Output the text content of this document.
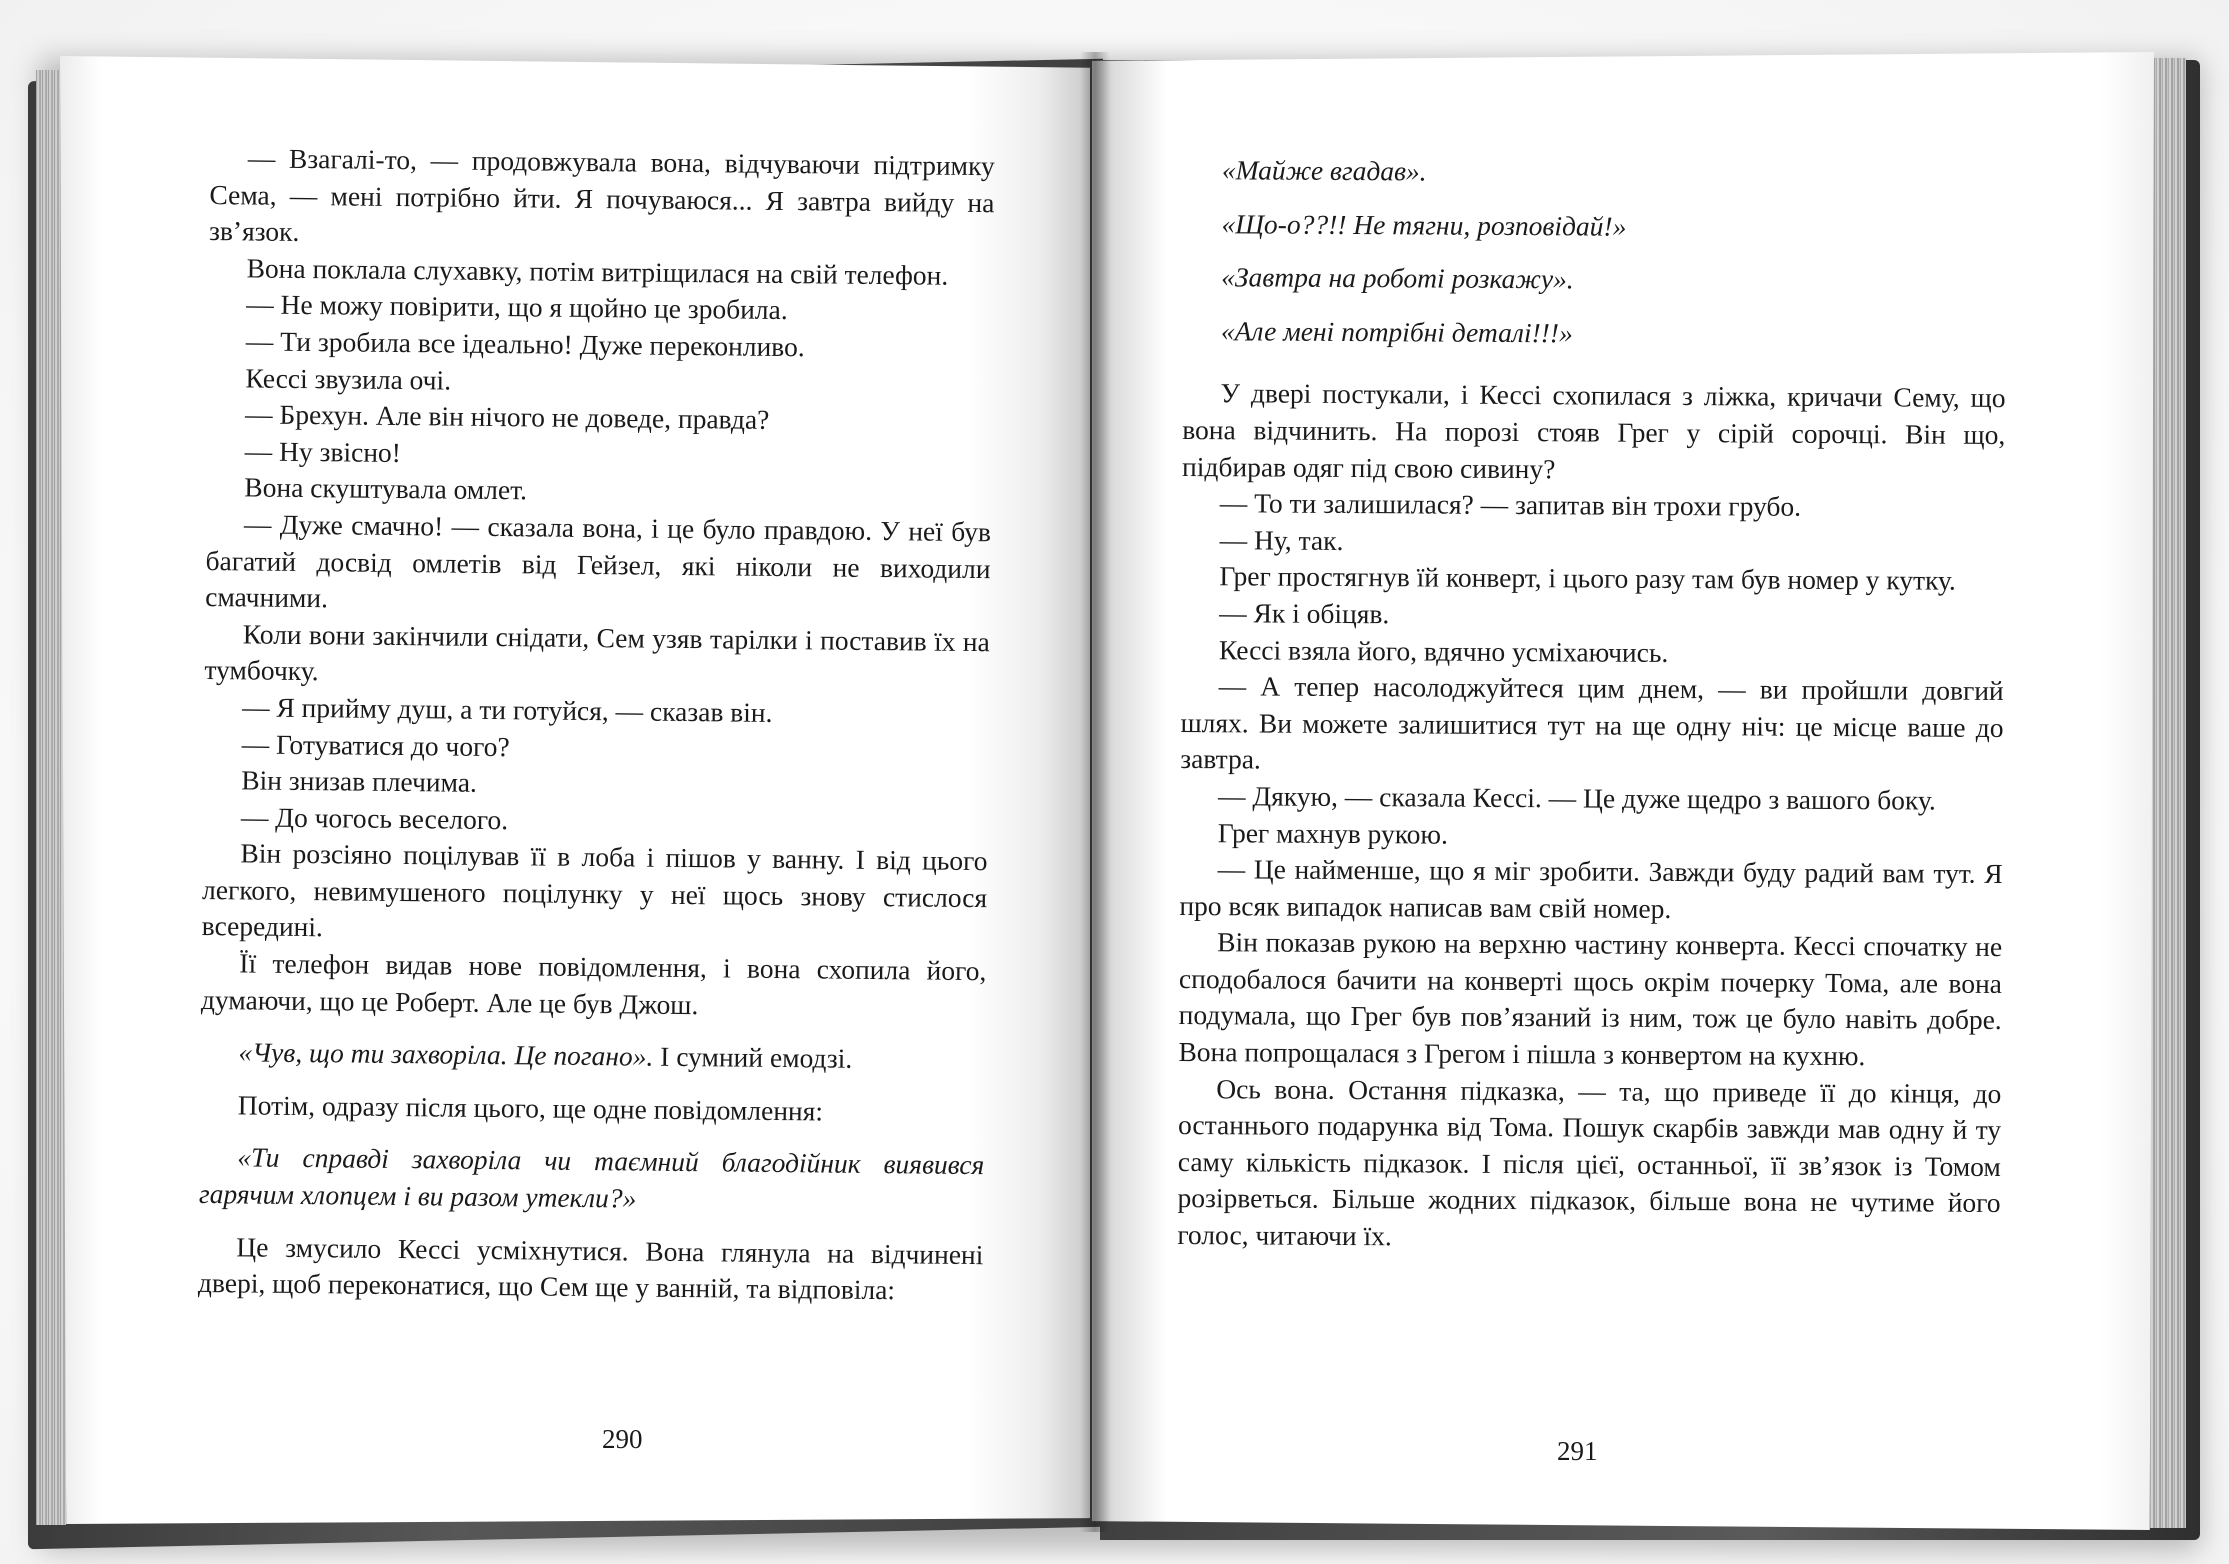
— Взагалі-то, — продовжувала вона, відчуваючи підтримку Сема, — мені потрібно йти. Я почуваюся... Я завтра вийду на зв’язок.

Вона поклала слухавку, потім витріщилася на свій телефон.

— Не можу повірити, що я щойно це зробила.

— Ти зробила все ідеально! Дуже переконливо.

Кессі звузила очі.

— Брехун. Але він нічого не доведе, правда?

— Ну звісно!

Вона скуштувала омлет.

— Дуже смачно! — сказала вона, і це було правдою. У неї був багатий досвід омлетів від Гейзел, які ніколи не виходили смачними.

Коли вони закінчили снідати, Сем узяв тарілки і поставив їх на тумбочку.

— Я прийму душ, а ти готуйся, — сказав він.

— Готуватися до чого?

Він знизав плечима.

— До чогось веселого.

Він розсіяно поцілував її в лоба і пішов у ванну. І від цього легкого, невимушеного поцілунку у неї щось знову стислося всередині.

Її телефон видав нове повідомлення, і вона схопила його, думаючи, що це Роберт. Але це був Джош.

«Чув, що ти захворіла. Це погано». І сумний емодзі.

Потім, одразу після цього, ще одне повідомлення:

«Ти справді захворіла чи таємний благодійник виявився гарячим хлопцем і ви разом утекли?»

Це змусило Кессі усміхнутися. Вона глянула на відчинені двері, щоб переконатися, що Сем ще у ванній, та відповіла:

290

«Майже вгадав».

«Що-о??!! Не тягни, розповідай!»

«Завтра на роботі розкажу».

«Але мені потрібні деталі!!!»

У двері постукали, і Кессі схопилася з ліжка, кричачи Сему, що вона відчинить. На порозі стояв Грег у сірій сорочці. Він що, підбирав одяг під свою сивину?

— То ти залишилася? — запитав він трохи грубо.

— Ну, так.

Грег простягнув їй конверт, і цього разу там був номер у кутку.

— Як і обіцяв.

Кессі взяла його, вдячно усміхаючись.

— А тепер насолоджуйтеся цим днем, — ви пройшли довгий шлях. Ви можете залишитися тут на ще одну ніч: це місце ваше до завтра.

— Дякую, — сказала Кессі. — Це дуже щедро з вашого боку.

Грег махнув рукою.

— Це найменше, що я міг зробити. Завжди буду радий вам тут. Я про всяк випадок написав вам свій номер.

Він показав рукою на верхню частину конверта. Кессі спочатку не сподобалося бачити на конверті щось окрім почерку Тома, але вона подумала, що Грег був пов’язаний із ним, тож це було навіть добре. Вона попрощалася з Грегом і пішла з конвертом на кухню.

Ось вона. Остання підказка, — та, що приведе її до кінця, до останнього подарунка від Тома. Пошук скарбів завжди мав одну й ту саму кількість підказок. І після цієї, останньої, її зв’язок із Томом розірветься. Більше жодних підказок, більше вона не чутиме його голос, читаючи їх.

291
